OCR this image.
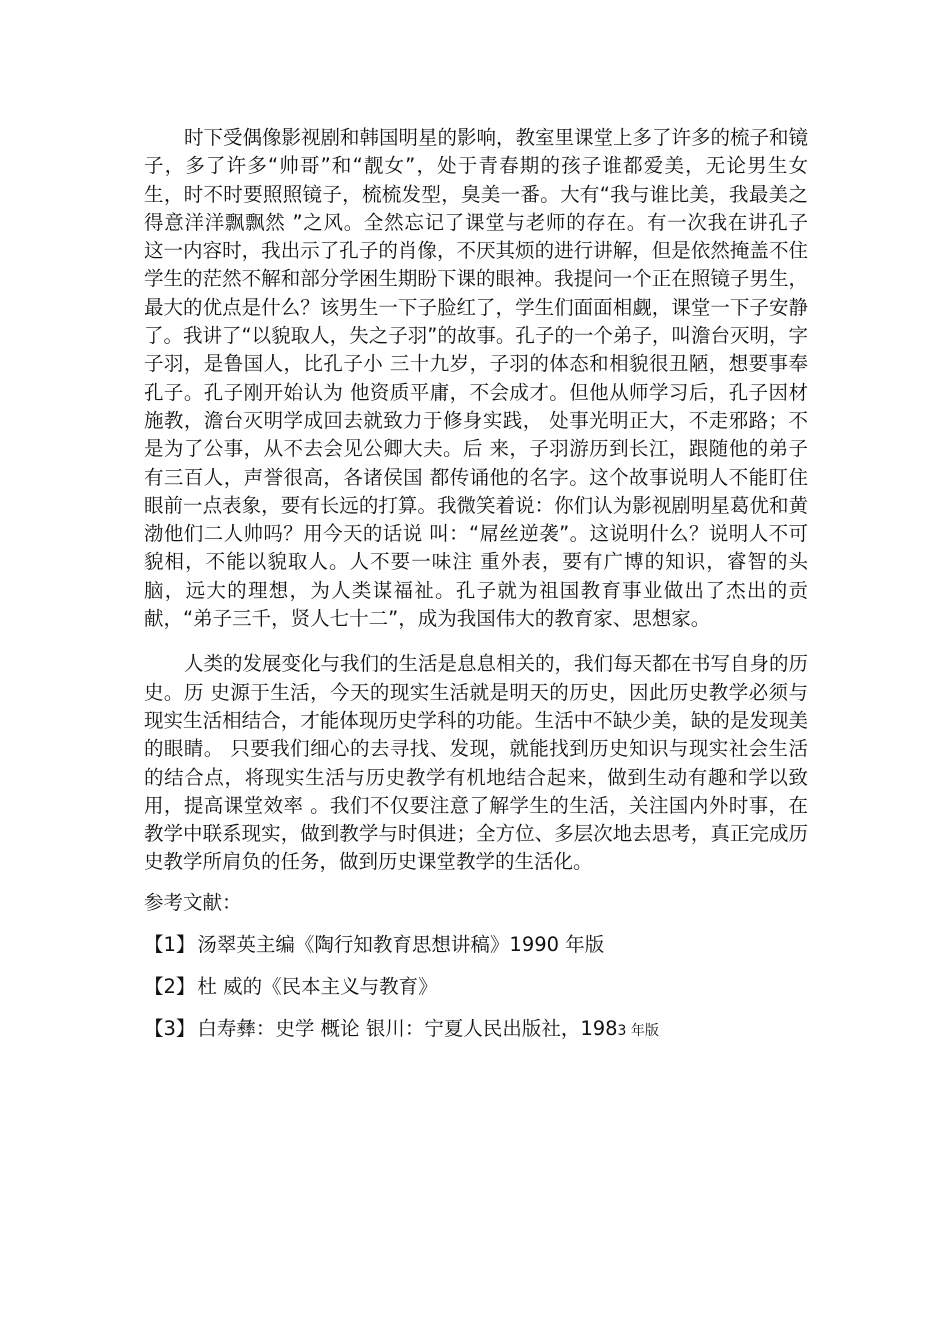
时下受偶像影视剧和韩国明星的影响，教室里课堂上多了许多的梳子和镜子，多了许多“帅哥”和“靓女”，处于青春期的孩子谁都爱美，无论男生女生，时不时要照照镜子，梳梳发型，臭美一番。大有“我与谁比美，我最美之得意洋洋飘飘然 ”之风。全然忘记了课堂与老师的存在。有一次我在讲孔子 这一内容时，我出示了孔子的肖像，不厌其烦的进行讲解，但是依然掩盖不住学生的茫然不解和部分学困生期盼下课的眼神。我提问一个正在照镜子男生，最大的优点是什么？该男生一下子脸红了，学生们面面相觑，课堂一下子安静了。我讲了“以貌取人，失之子羽”的故事。孔子的一个弟子，叫澹台灭明，字子羽，是鲁国人，比孔子小 三十九岁，子羽的体态和相貌很丑陋，想要事奉孔子。孔子刚开始认为 他资质平庸，不会成才。但他从师学习后，孔子因材施教，澹台灭明学成回去就致力于修身实践， 处事光明正大，不走邪路；不是为了公事，从不去会见公卿大夫。后 来，子羽游历到长江，跟随他的弟子有三百人，声誉很高，各诸侯国 都传诵他的名字。这个故事说明人不能盯住眼前一点表象，要有长远的打算。我微笑着说：你们认为影视剧明星葛优和黄渤他们二人帅吗？用今天的话说 叫：“屌丝逆袭”。这说明什么？说明人不可貌相，不能以貌取人。人不要一味注 重外表，要有广博的知识，睿智的头脑，远大的理想，为人类谋福祉。孔子就为祖国教育事业做出了杰出的贡献，“弟子三千，贤人七十二”，成为我国伟大的教育家、思想家。

人类的发展变化与我们的生活是息息相关的，我们每天都在书写自身的历史。历 史源于生活，今天的现实生活就是明天的历史，因此历史教学必须与现实生活相结合，才能体现历史学科的功能。生活中不缺少美，缺的是发现美的眼睛。 只要我们细心的去寻找、发现，就能找到历史知识与现实社会生活的结合点，将现实生活与历史教学有机地结合起来，做到生动有趣和学以致用，提高课堂效率 。我们不仅要注意了解学生的生活，关注国内外时事，在教学中联系现实，做到教学与时俱进；全方位、多层次地去思考，真正完成历史教学所肩负的任务，做到历史课堂教学的生活化。

参考文献：

【1】 汤翠英主编《陶行知教育思想讲稿》1990 年版

【2】 杜 威的《民本主义与教育》

【3】 白寿彝：史学 概论 银川：宁夏人民出版社，1983 年版
